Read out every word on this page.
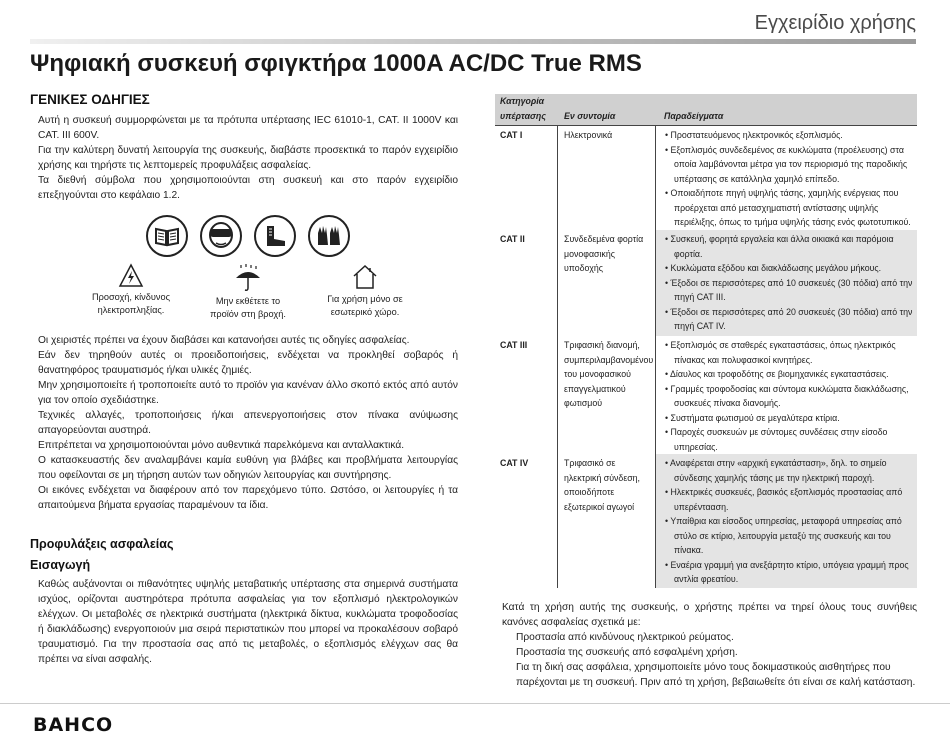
Εγχειρίδιο χρήσης
Ψηφιακή συσκευή σφιγκτήρα 1000A AC/DC True RMS
ΓΕΝΙΚΕΣ ΟΔΗΓΙΕΣ

Αυτή η συσκευή συμμορφώνεται με τα πρότυπα υπέρτασης IEC 61010-1, CAT. II 1000V και CAT. III 600V.

Για την καλύτερη δυνατή λειτουργία της συσκευής, διαβάστε προσεκτικά το παρόν εγχειρίδιο χρήσης και τηρήστε τις λεπτομερείς προφυλάξεις ασφαλείας.

Τα διεθνή σύμβολα που χρησιμοποιούνται στη συσκευή και στο παρόν εγχειρίδιο επεξηγούνται στο κεφάλαιο 1.2.

Προσοχή, κίνδυνος ηλεκτροπληξίας.
Μην εκθέτετε το προϊόν στη βροχή.
Για χρήση μόνο σε εσωτερικό χώρο.

Οι χειριστές πρέπει να έχουν διαβάσει και κατανοήσει αυτές τις οδηγίες ασφαλείας.

Εάν δεν τηρηθούν αυτές οι προειδοποιήσεις, ενδέχεται να προκληθεί σοβαρός ή θανατηφόρος τραυματισμός ή/και υλικές ζημιές.

Μην χρησιμοποιείτε ή τροποποιείτε αυτό το προϊόν για κανέναν άλλο σκοπό εκτός από αυτόν για τον οποίο σχεδιάστηκε.

Τεχνικές αλλαγές, τροποποιήσεις ή/και απενεργοποιήσεις στον πίνακα ανύψωσης απαγορεύονται αυστηρά.

Επιτρέπεται να χρησιμοποιούνται μόνο αυθεντικά παρελκόμενα και ανταλλακτικά.

Ο κατασκευαστής δεν αναλαμβάνει καμία ευθύνη για βλάβες και προβλήματα λειτουργίας που οφείλονται σε μη τήρηση αυτών των οδηγιών λειτουργίας και συντήρησης.

Οι εικόνες ενδέχεται να διαφέρουν από τον παρεχόμενο τύπο. Ωστόσο, οι λειτουργίες ή τα απαιτούμενα βήματα εργασίας παραμένουν τα ίδια.

Προφυλάξεις ασφαλείας
Εισαγωγή

Καθώς αυξάνονται οι πιθανότητες υψηλής μεταβατικής υπέρτασης στα σημερινά συστήματα ισχύος, ορίζονται αυστηρότερα πρότυπα ασφαλείας για τον εξοπλισμό ηλεκτρολογικών ελέγχων. Οι μεταβολές σε ηλεκτρικά συστήματα (ηλεκτρικά δίκτυα, κυκλώματα τροφοδοσίας ή διακλάδωσης) ενεργοποιούν μια σειρά περιστατικών που μπορεί να προκαλέσουν σοβαρό τραυματισμό. Για την προστασία σας από τις μεταβολές, ο εξοπλισμός ελέγχων σας θα πρέπει να είναι ασφαλής.

Κατηγορία υπέρτασης	Εν συντομία	Παραδείγματα
CAT I	Ηλεκτρονικά
•	Προστατευόμενος ηλεκτρονικός εξοπλισμός.
• Εξοπλισμός συνδεδεμένος σε κυκλώματα (προέλευσης) στα οποία λαμβάνονται μέτρα για τον περιορισμό της παροδικής υπέρτασης σε κατάλληλα χαμηλό επίπεδο.
• Οποιαδήποτε πηγή υψηλής τάσης, χαμηλής ενέργειας που προέρχεται από μετασχηματιστή αντίστασης υψηλής περιέλιξης, όπως το τμήμα υψηλής τάσης ενός φωτοτυπικού.
CAT II	Συνδεδεμένα φορτία μονοφασικής υποδοχής
• Συσκευή, φορητά εργαλεία και άλλα οικιακά και παρόμοια φορτία.
• Κυκλώματα εξόδου και διακλάδωσης μεγάλου μήκους.
• Έξοδοι σε περισσότερες από 10 συσκευές (30 πόδια) από την πηγή CAT III.
• Έξοδοι σε περισσότερες από 20 συσκευές (30 πόδια) από την πηγή CAT IV.
CAT III	Τριφασική διανομή, συμπεριλαμβανομένου του μονοφασικού επαγγελματικού φωτισμού
• Εξοπλισμός σε σταθερές εγκαταστάσεις, όπως ηλεκτρικός πίνακας και πολυφασικοί κινητήρες.
• Δίαυλος και τροφοδότης σε βιομηχανικές εγκαταστάσεις.
• Γραμμές τροφοδοσίας και σύντομα κυκλώματα διακλάδωσης, συσκευές πίνακα διανομής.
• Συστήματα φωτισμού σε μεγαλύτερα κτίρια.
• Παροχές συσκευών με σύντομες συνδέσεις στην είσοδο υπηρεσίας.
CAT IV	Τριφασικό σε ηλεκτρική σύνδεση, οποιοδήποτε εξωτερικοί αγωγοί
• Αναφέρεται στην «αρχική εγκατάσταση», δηλ. το σημείο σύνδεσης χαμηλής τάσης με την ηλεκτρική παροχή.
• Ηλεκτρικές συσκευές, βασικός εξοπλισμός προστασίας από υπερέντααση.
• Υπαίθρια και είσοδος υπηρεσίας, μεταφορά υπηρεσίας από στύλο σε κτίριο, λειτουργία μεταξύ της συσκευής και του πίνακα.
• Εναέρια γραμμή για ανεξάρτητο κτίριο, υπόγεια γραμμή προς αντλία φρεατίου.

Κατά τη χρήση αυτής της συσκευής, ο χρήστης πρέπει να τηρεί όλους τους συνήθεις κανόνες ασφαλείας σχετικά με:

Προστασία από κινδύνους ηλεκτρικού ρεύματος.
Προστασία της συσκευής από εσφαλμένη χρήση.
Για τη δική σας ασφάλεια, χρησιμοποιείτε μόνο τους δοκιμαστικούς αισθητήρες που παρέχονται με τη συσκευή. Πριν από τη χρήση, βεβαιωθείτε ότι είναι σε καλή κατάσταση.
BAHCO
